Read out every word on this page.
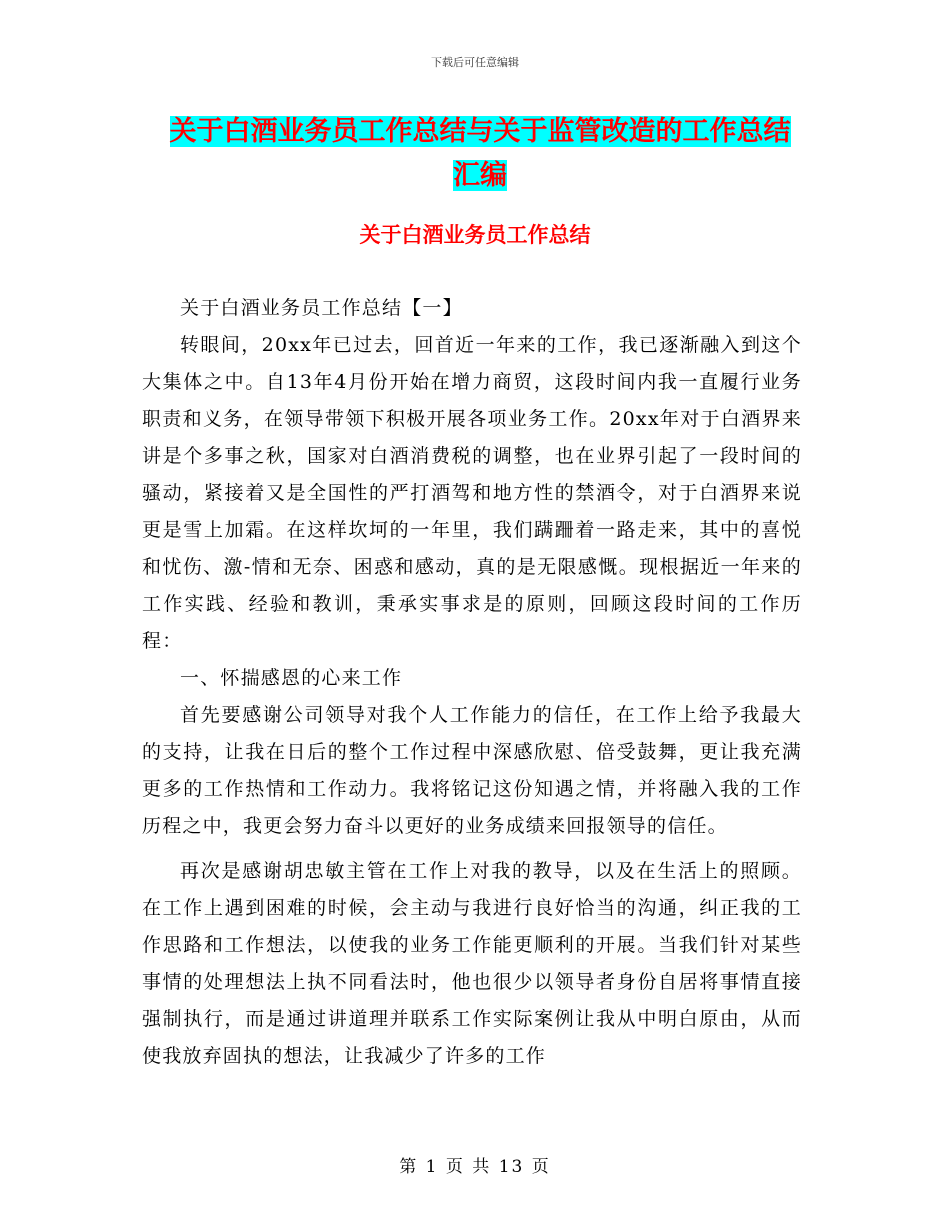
下载后可任意编辑
关于白酒业务员工作总结与关于监管改造的工作总结
汇编
关于白酒业务员工作总结

关于白酒业务员工作总结【一】

转眼间，20xx年已过去，回首近一年来的工作，我已逐渐融入到这个大集体之中。自13年4月份开始在增力商贸，这段时间内我一直履行业务职责和义务，在领导带领下积极开展各项业务工作。20xx年对于白酒界来讲是个多事之秋，国家对白酒消费税的调整，也在业界引起了一段时间的骚动，紧接着又是全国性的严打酒驾和地方性的禁酒令，对于白酒界来说更是雪上加霜。在这样坎坷的一年里，我们蹒跚着一路走来，其中的喜悦和忧伤、激-情和无奈、困惑和感动，真的是无限感慨。现根据近一年来的工作实践、经验和教训，秉承实事求是的原则，回顾这段时间的工作历程：

一、怀揣感恩的心来工作

首先要感谢公司领导对我个人工作能力的信任，在工作上给予我最大的支持，让我在日后的整个工作过程中深感欣慰、倍受鼓舞，更让我充满更多的工作热情和工作动力。我将铭记这份知遇之情，并将融入我的工作历程之中，我更会努力奋斗以更好的业务成绩来回报领导的信任。

再次是感谢胡忠敏主管在工作上对我的教导，以及在生活上的照顾。在工作上遇到困难的时候，会主动与我进行良好恰当的沟通，纠正我的工作思路和工作想法，以使我的业务工作能更顺利的开展。当我们针对某些事情的处理想法上执不同看法时，他也很少以领导者身份自居将事情直接强制执行，而是通过讲道理并联系工作实际案例让我从中明白原由，从而使我放弃固执的想法，让我减少了许多的工作

第 1 页 共 13 页
